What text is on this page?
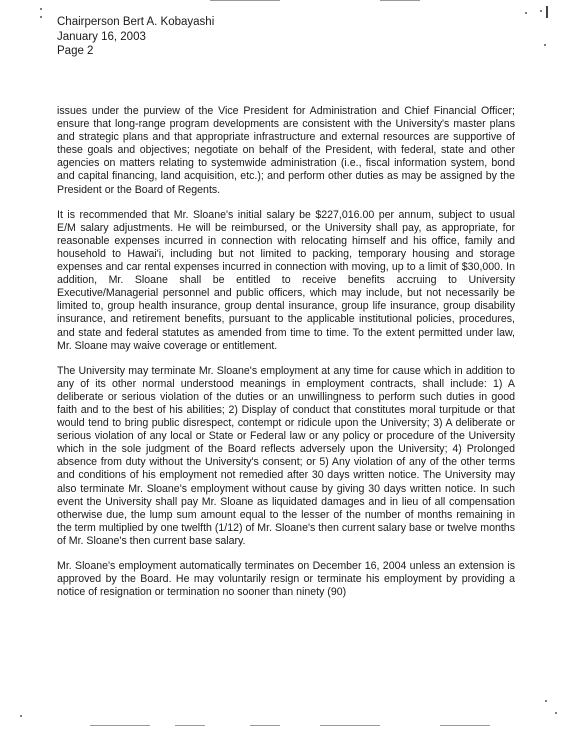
Chairperson Bert A. Kobayashi
January 16, 2003
Page 2

issues under the purview of the Vice President for Administration and Chief Financial Officer; ensure that long-range program developments are consistent with the University's master plans and strategic plans and that appropriate infrastructure and external resources are supportive of these goals and objectives; negotiate on behalf of the President, with federal, state and other agencies on matters relating to systemwide administration (i.e., fiscal information system, bond and capital financing, land acquisition, etc.); and perform other duties as may be assigned by the President or the Board of Regents.

It is recommended that Mr. Sloane's initial salary be $227,016.00 per annum, subject to usual E/M salary adjustments. He will be reimbursed, or the University shall pay, as appropriate, for reasonable expenses incurred in connection with relocating himself and his office, family and household to Hawai'i, including but not limited to packing, temporary housing and storage expenses and car rental expenses incurred in connection with moving, up to a limit of $30,000. In addition, Mr. Sloane shall be entitled to receive benefits accruing to University Executive/Managerial personnel and public officers, which may include, but not necessarily be limited to, group health insurance, group dental insurance, group life insurance, group disability insurance, and retirement benefits, pursuant to the applicable institutional policies, procedures, and state and federal statutes as amended from time to time. To the extent permitted under law, Mr. Sloane may waive coverage or entitlement.

The University may terminate Mr. Sloane's employment at any time for cause which in addition to any of its other normal understood meanings in employment contracts, shall include: 1) A deliberate or serious violation of the duties or an unwillingness to perform such duties in good faith and to the best of his abilities; 2) Display of conduct that constitutes moral turpitude or that would tend to bring public disrespect, contempt or ridicule upon the University; 3) A deliberate or serious violation of any local or State or Federal law or any policy or procedure of the University which in the sole judgment of the Board reflects adversely upon the University; 4) Prolonged absence from duty without the University's consent; or 5) Any violation of any of the other terms and conditions of his employment not remedied after 30 days written notice. The University may also terminate Mr. Sloane's employment without cause by giving 30 days written notice. In such event the University shall pay Mr. Sloane as liquidated damages and in lieu of all compensation otherwise due, the lump sum amount equal to the lesser of the number of months remaining in the term multiplied by one twelfth (1/12) of Mr. Sloane's then current salary base or twelve months of Mr. Sloane's then current base salary.

Mr. Sloane's employment automatically terminates on December 16, 2004 unless an extension is approved by the Board. He may voluntarily resign or terminate his employment by providing a notice of resignation or termination no sooner than ninety (90)
